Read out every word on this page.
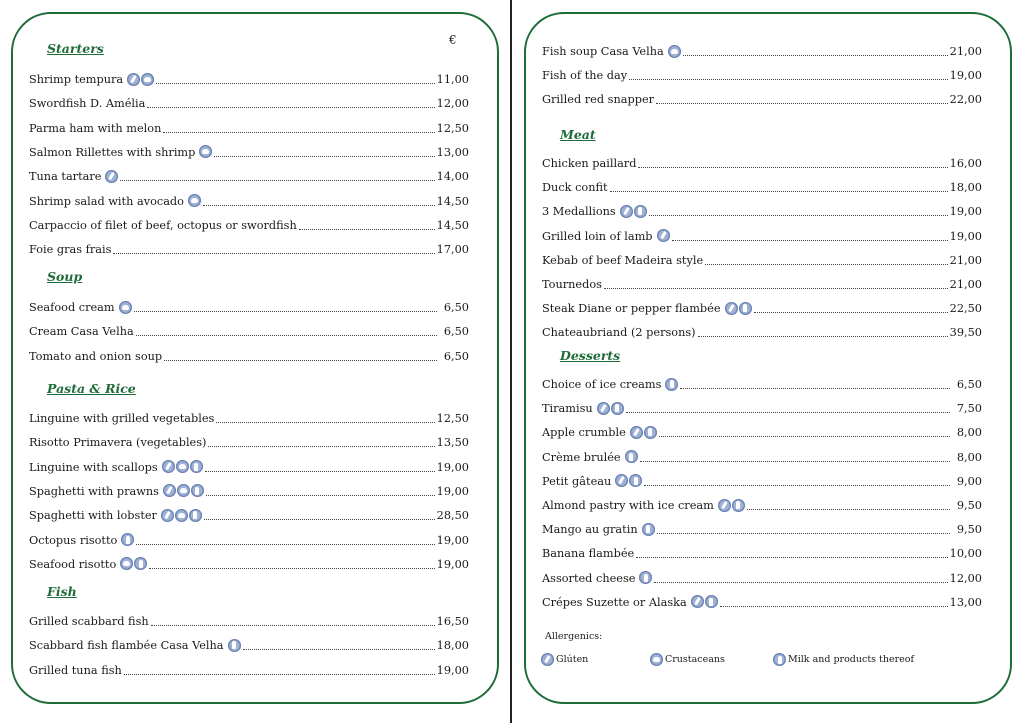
Starters
Shrimp tempura	11,00
Swordfish D. Amélia	12,00
Parma ham with melon	12,50
Salmon Rillettes with shrimp	13,00
Tuna tartare	14,00
Shrimp salad with avocado	14,50
Carpaccio of filet of beef, octopus or swordfish	14,50
Foie gras frais	17,00
Soup
Seafood cream	6,50
Cream Casa Velha	6,50
Tomato and onion soup	6,50
Pasta & Rice
Linguine with grilled vegetables	12,50
Risotto Primavera (vegetables)	13,50
Linguine with scallops	19,00
Spaghetti with prawns	19,00
Spaghetti with lobster	28,50
Octopus risotto	19,00
Seafood risotto	19,00
Fish
Grilled scabbard fish	16,50
Scabbard fish flambée Casa Velha	18,00
Grilled tuna fish	19,00
€
Fish soup Casa Velha	21,00
Fish of the day	19,00
Grilled red snapper	22,00
Meat
Chicken paillard	16,00
Duck confit	18,00
3 Medallions	19,00
Grilled loin of lamb	19,00
Kebab of beef Madeira style	21,00
Tournedos	21,00
Steak Diane or pepper flambée	22,50
Chateaubriand (2 persons)	39,50
Desserts
Choice of ice creams	6,50
Tiramisu	7,50
Apple crumble	8,00
Crème brulée	8,00
Petit gâteau	9,00
Almond pastry with ice cream	9,50
Mango au gratin	9,50
Banana flambée	10,00
Assorted cheese	12,00
Crépes Suzette or Alaska	13,00
Allergenics:
Glúten	Crustaceans	Milk and products thereof
